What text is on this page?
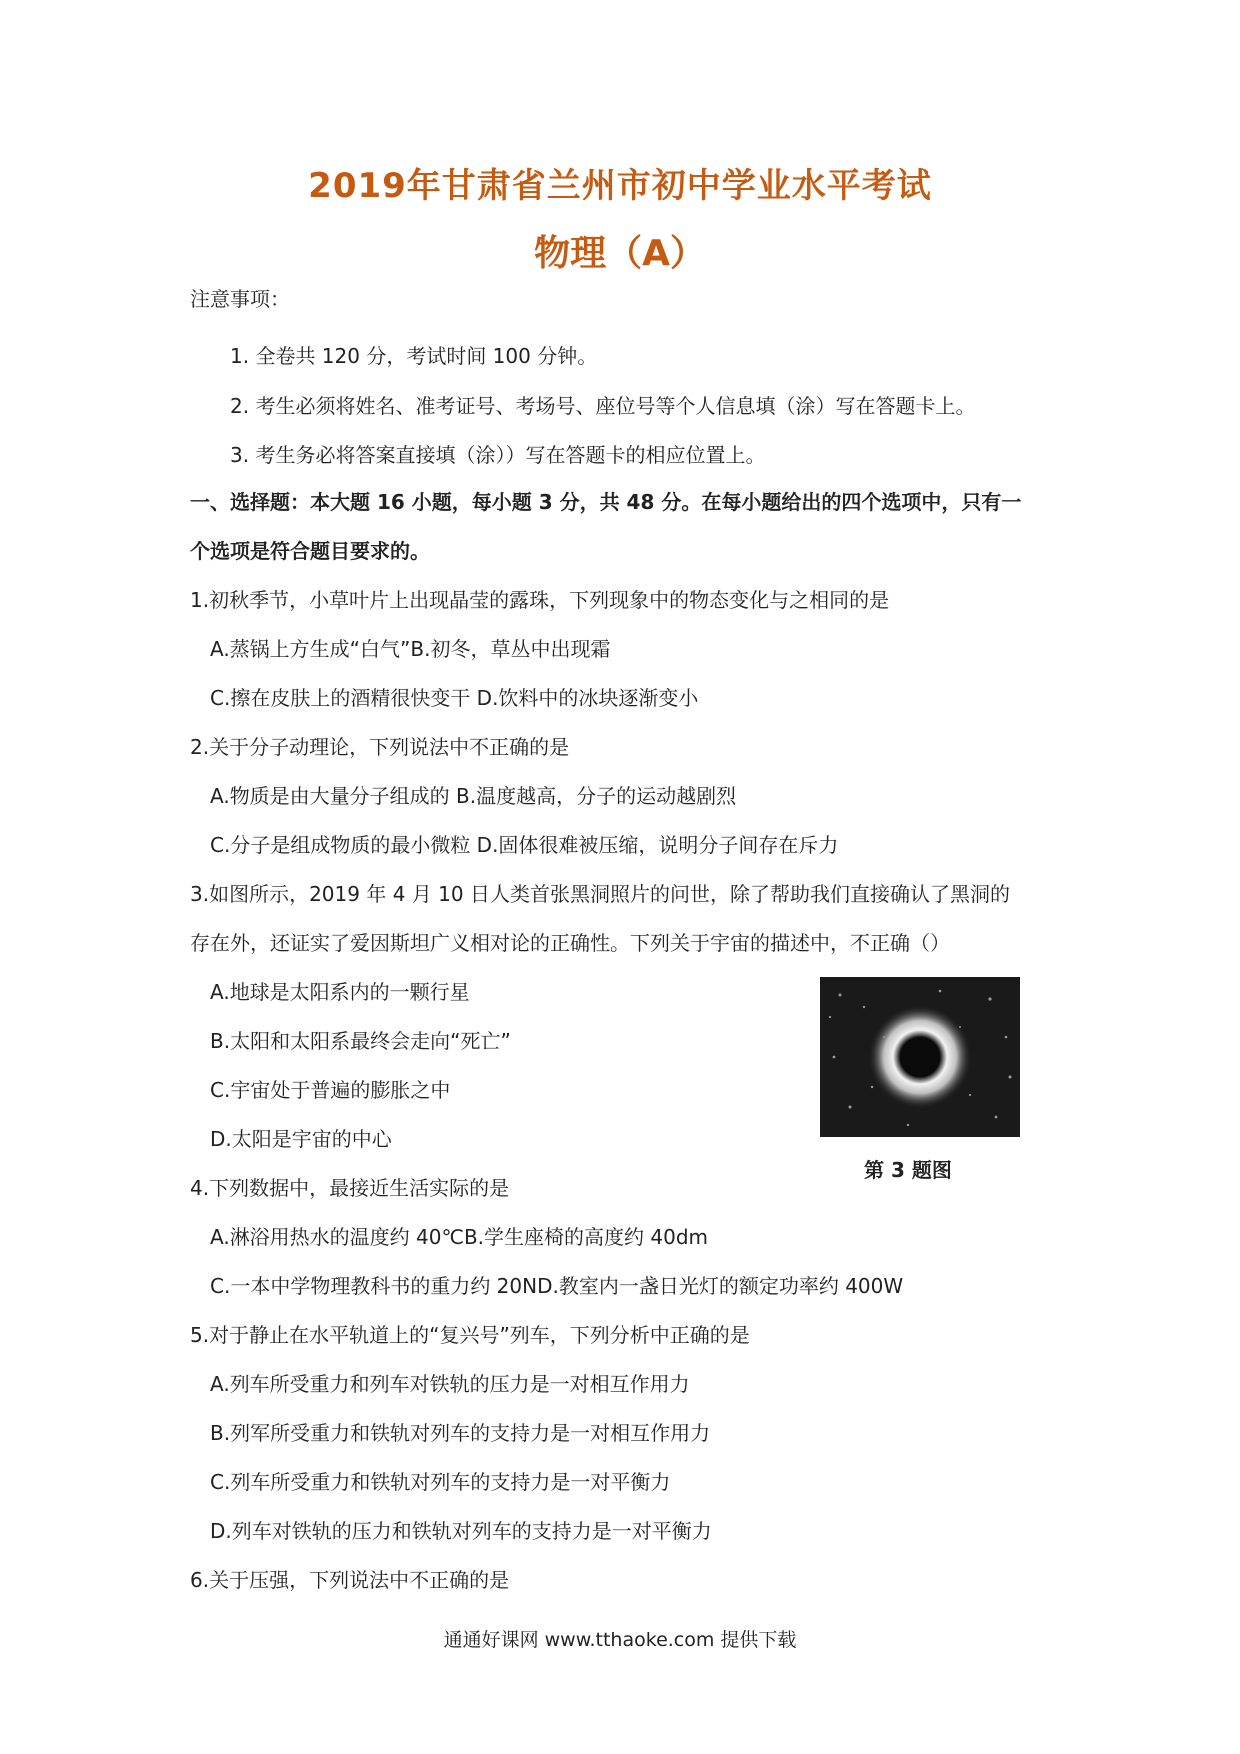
2019年甘肃省兰州市初中学业水平考试
物理（A）
注意事项：
1. 全卷共 120 分，考试时间 100 分钟。
2. 考生必须将姓名、准考证号、考场号、座位号等个人信息填（涂）写在答题卡上。
3. 考生务必将答案直接填（涂））写在答题卡的相应位置上。
一、选择题：本大题 16 小题，每小题 3 分，共 48 分。在每小题给出的四个选项中，只有一
个选项是符合题目要求的。
1.初秋季节，小草叶片上出现晶莹的露珠，下列现象中的物态变化与之相同的是
A.蒸锅上方生成“白气”B.初冬，草丛中出现霜
C.擦在皮肤上的酒精很快变干 D.饮料中的冰块逐渐变小
2.关于分子动理论，下列说法中不正确的是
A.物质是由大量分子组成的 B.温度越高，分子的运动越剧烈
C.分子是组成物质的最小微粒 D.固体很难被压缩，说明分子间存在斥力
3.如图所示，2019 年 4 月 10 日人类首张黑洞照片的问世，除了帮助我们直接确认了黑洞的
存在外，还证实了爱因斯坦广义相对论的正确性。下列关于宇宙的描述中，不正确（）
A.地球是太阳系内的一颗行星
B.太阳和太阳系最终会走向“死亡”
C.宇宙处于普遍的膨胀之中
D.太阳是宇宙的中心
第 3 题图
4.下列数据中，最接近生活实际的是
A.淋浴用热水的温度约 40℃B.学生座椅的高度约 40dm
C.一本中学物理教科书的重力约 20ND.教室内一盏日光灯的额定功率约 400W
5.对于静止在水平轨道上的“复兴号”列车，下列分析中正确的是
A.列车所受重力和列车对铁轨的压力是一对相互作用力
B.列军所受重力和铁轨对列车的支持力是一对相互作用力
C.列车所受重力和铁轨对列车的支持力是一对平衡力
D.列车对铁轨的压力和铁轨对列车的支持力是一对平衡力
6.关于压强，下列说法中不正确的是
通通好课网 www.tthaoke.com 提供下载
